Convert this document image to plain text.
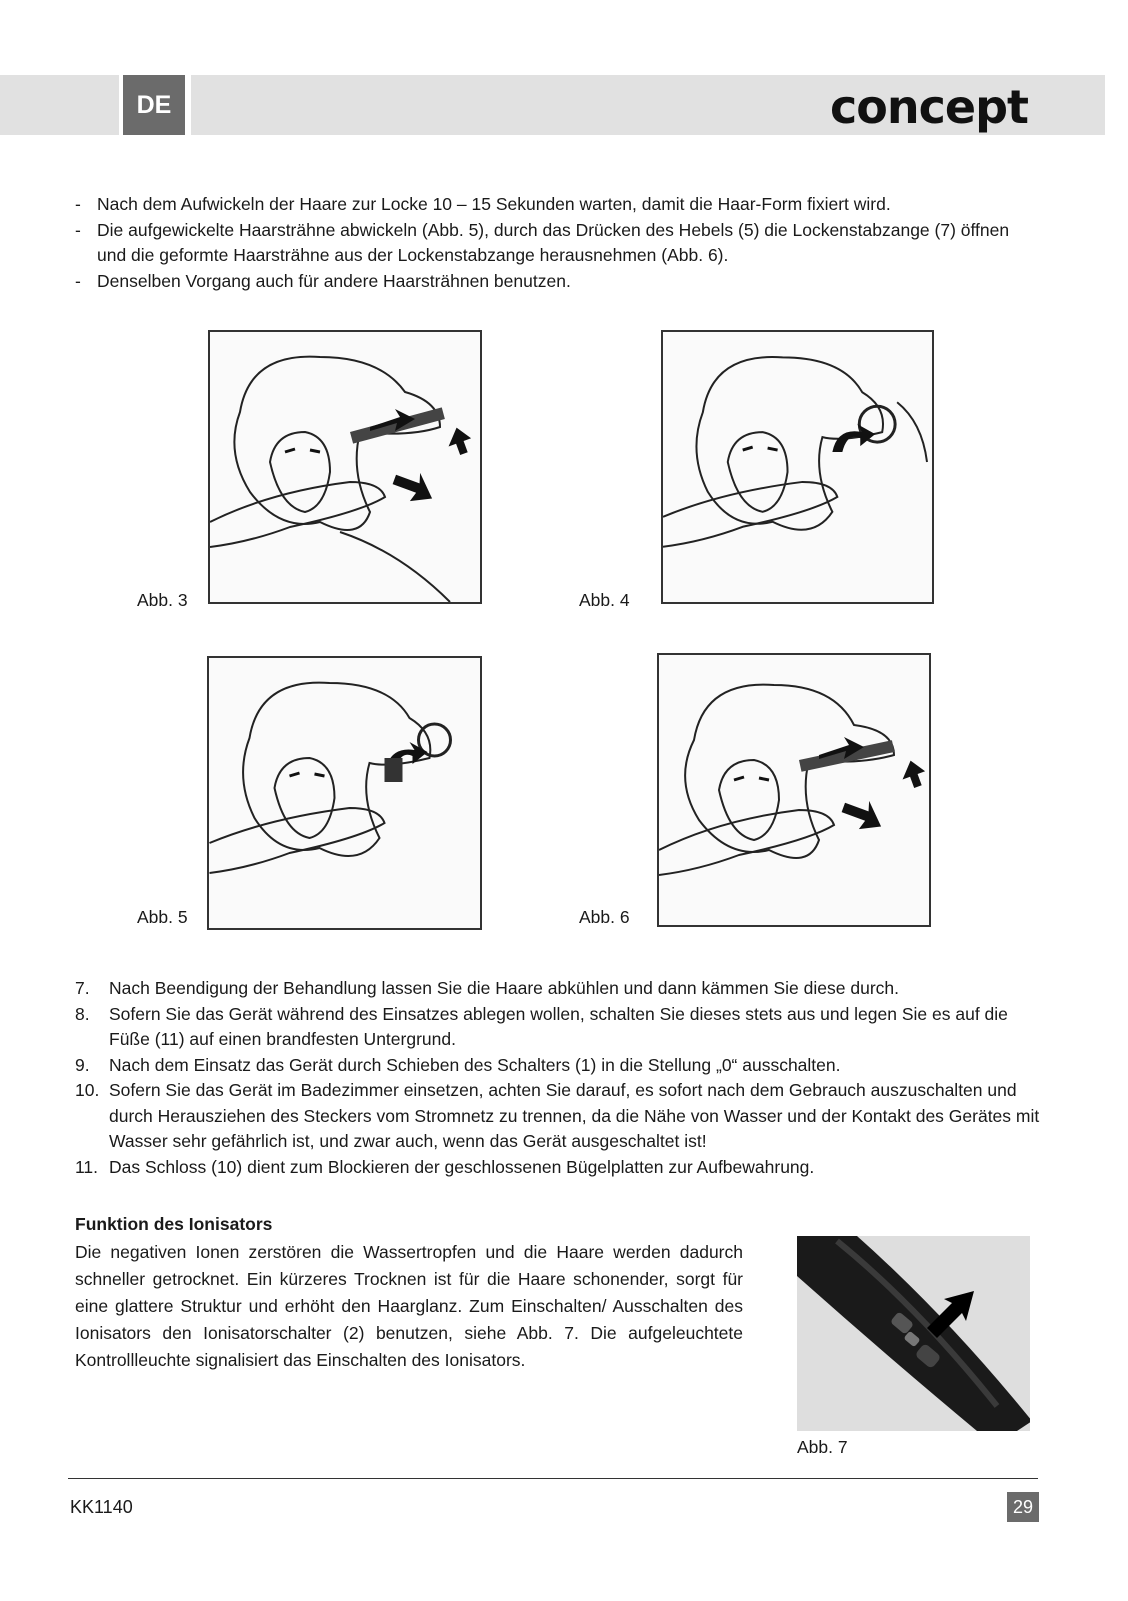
DE	concept
- Nach dem Aufwickeln der Haare zur Locke 10 – 15 Sekunden warten, damit die Haar-Form fixiert wird.
- Die aufgewickelte Haarsträhne abwickeln (Abb. 5), durch das Drücken des Hebels (5) die Lockenstabzange (7) öffnen und die geformte Haarsträhne aus der Lockenstabzange herausnehmen (Abb. 6).
- Denselben Vorgang auch für andere Haarsträhnen benutzen.
Abb. 3	Abb. 4
Abb. 5	Abb. 6
7.	Nach Beendigung der Behandlung lassen Sie die Haare abkühlen und dann kämmen Sie diese durch.
8.	Sofern Sie das Gerät während des Einsatzes ablegen wollen, schalten Sie dieses stets aus und legen Sie es auf die Füße (11) auf einen brandfesten Untergrund.
9.	Nach dem Einsatz das Gerät durch Schieben des Schalters (1) in die Stellung „0“ ausschalten.
10. Sofern Sie das Gerät im Badezimmer einsetzen, achten Sie darauf, es sofort nach dem Gebrauch auszuschalten und durch Herausziehen des Steckers vom Stromnetz zu trennen, da die Nähe von Wasser und der Kontakt des Gerätes mit Wasser sehr gefährlich ist, und zwar auch, wenn das Gerät ausgeschaltet ist!
11. Das Schloss (10) dient zum Blockieren der geschlossenen Bügelplatten zur Aufbewahrung.
Funktion des Ionisators
Die negativen Ionen zerstören die Wassertropfen und die Haare werden dadurch schneller getrocknet. Ein kürzeres Trocknen ist für die Haare schonender, sorgt für eine glattere Struktur und erhöht den Haarglanz. Zum Einschalten/ Ausschalten des Ionisators den Ionisatorschalter (2) benutzen, siehe Abb. 7. Die aufgeleuchtete Kontrollleuchte signalisiert das Einschalten des Ionisators.
Abb. 7
KK1140	29
